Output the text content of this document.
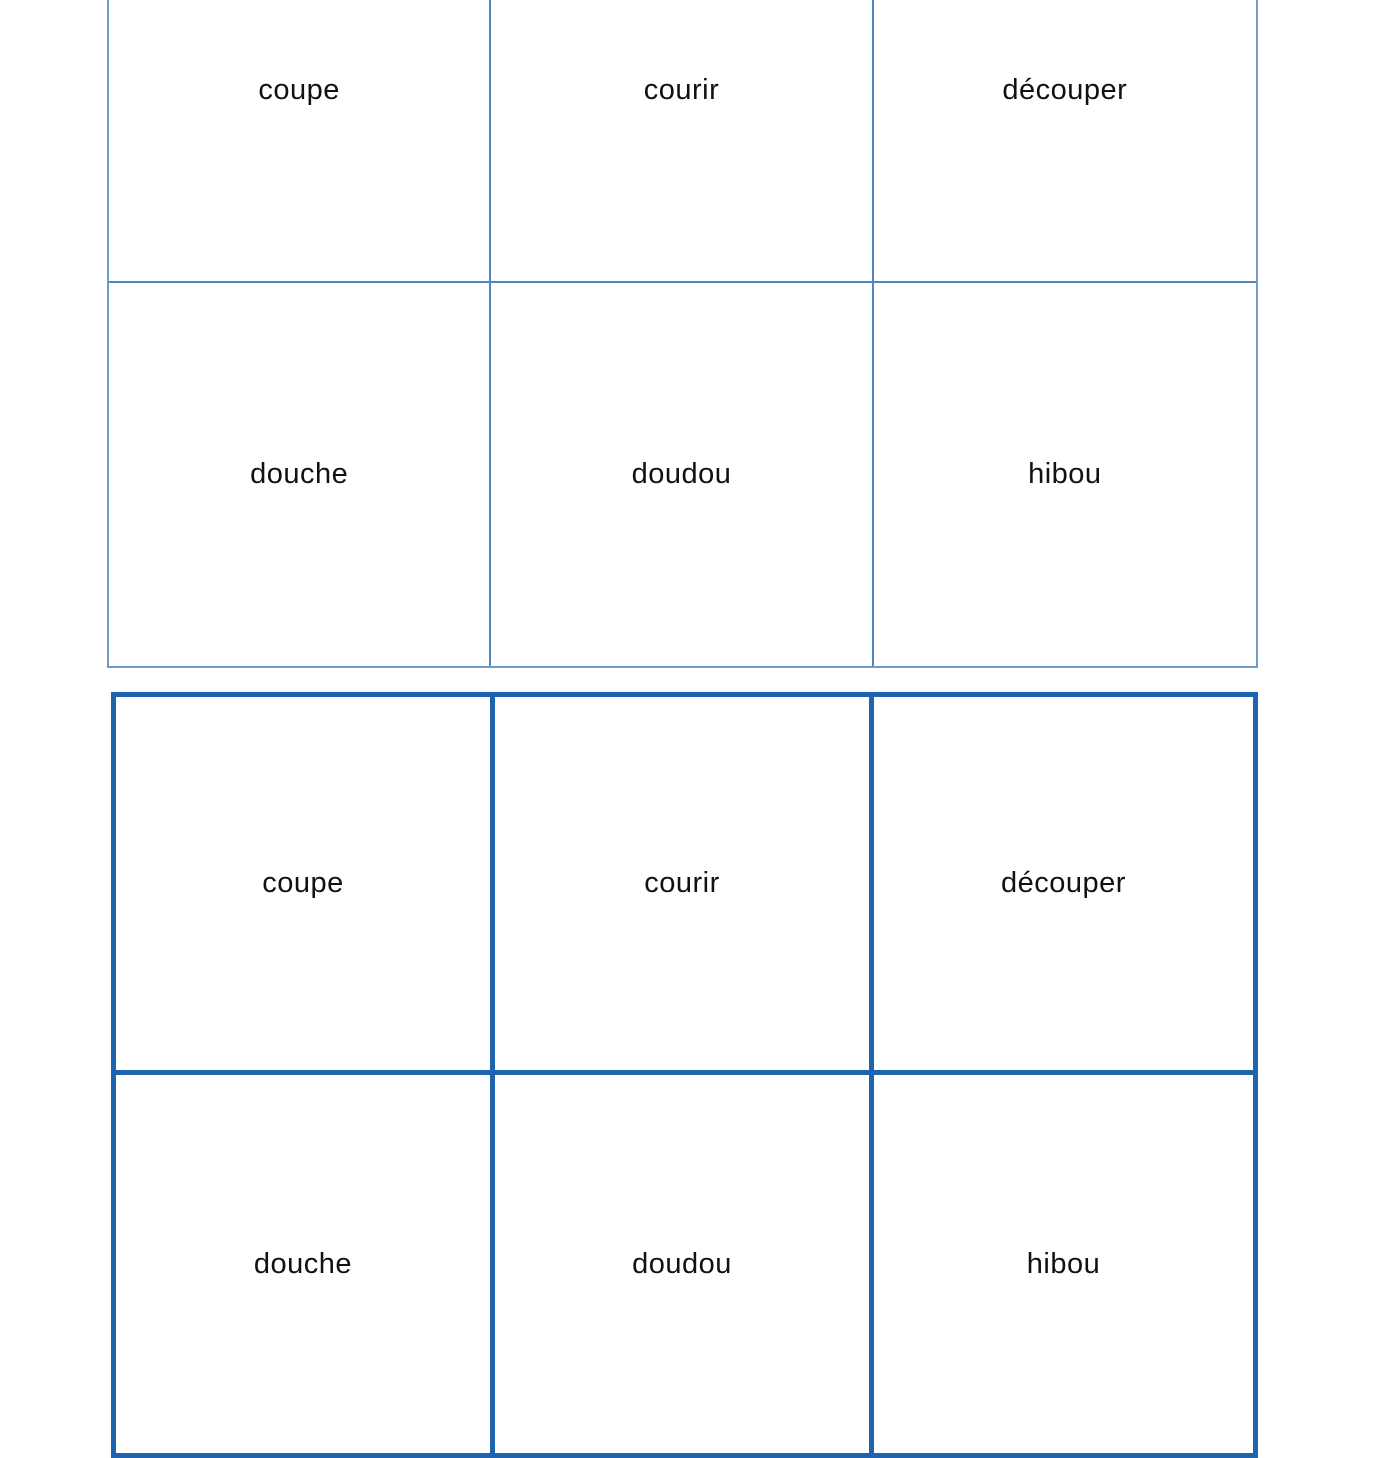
coupe	courir	découper
douche	doudou	hibou
coupe	courir	découper
douche	doudou	hibou
